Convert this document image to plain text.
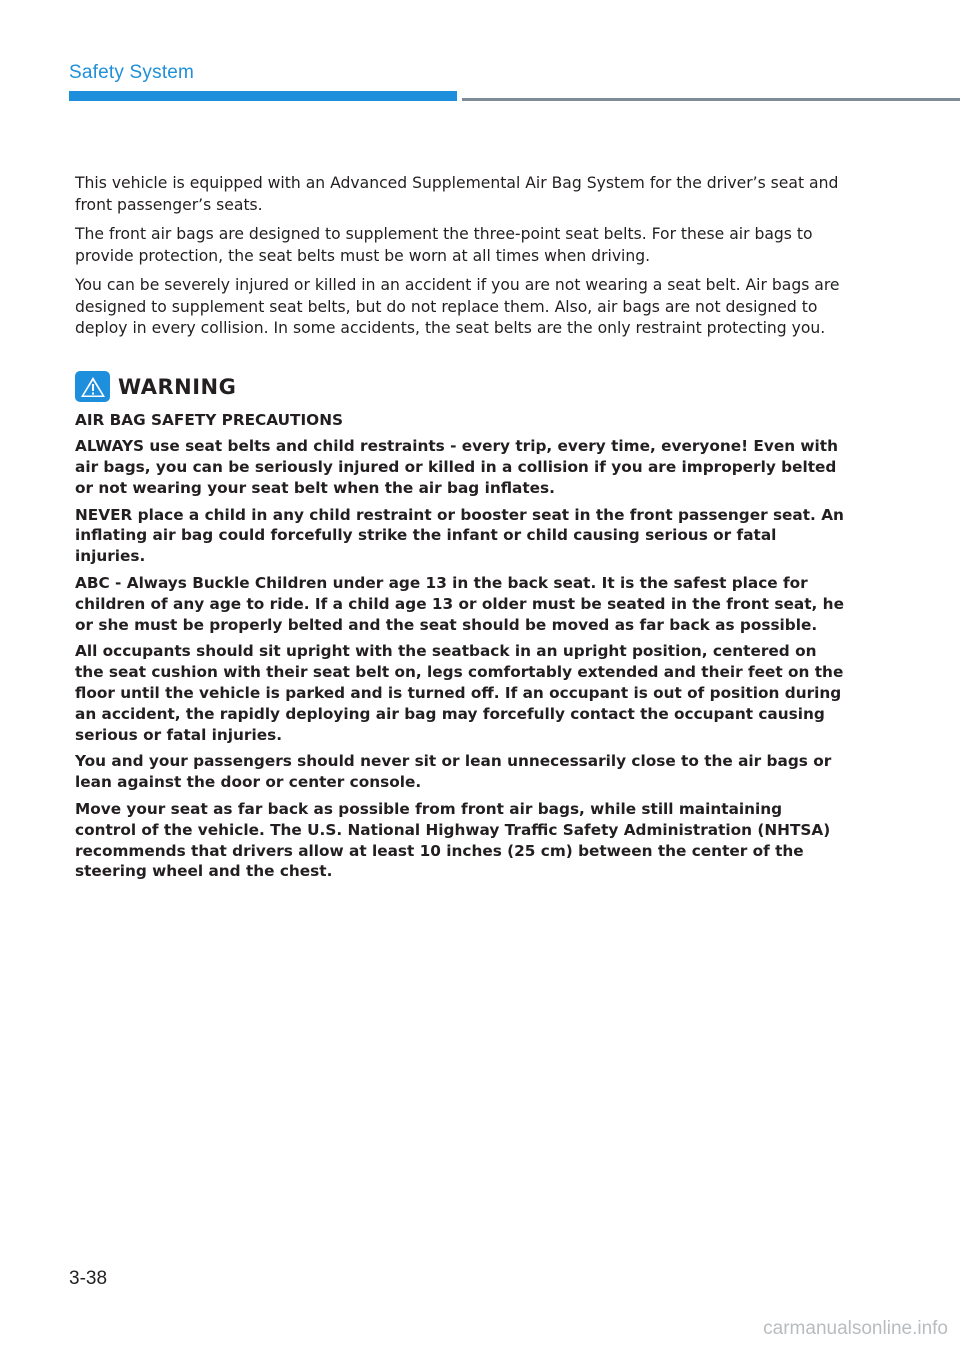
Safety System

This vehicle is equipped with an Advanced Supplemental Air Bag System for the driver’s seat and front passenger’s seats.

The front air bags are designed to supplement the three-point seat belts. For these air bags to provide protection, the seat belts must be worn at all times when driving.

You can be severely injured or killed in an accident if you are not wearing a seat belt. Air bags are designed to supplement seat belts, but do not replace them. Also, air bags are not designed to deploy in every collision. In some accidents, the seat belts are the only restraint protecting you.

WARNING

AIR BAG SAFETY PRECAUTIONS

ALWAYS use seat belts and child restraints - every trip, every time, everyone! Even with air bags, you can be seriously injured or killed in a collision if you are improperly belted or not wearing your seat belt when the air bag inflates.

NEVER place a child in any child restraint or booster seat in the front passenger seat. An inflating air bag could forcefully strike the infant or child causing serious or fatal injuries.

ABC - Always Buckle Children under age 13 in the back seat. It is the safest place for children of any age to ride. If a child age 13 or older must be seated in the front seat, he or she must be properly belted and the seat should be moved as far back as possible.

All occupants should sit upright with the seatback in an upright position, centered on the seat cushion with their seat belt on, legs comfortably extended and their feet on the floor until the vehicle is parked and is turned off. If an occupant is out of position during an accident, the rapidly deploying air bag may forcefully contact the occupant causing serious or fatal injuries.

You and your passengers should never sit or lean unnecessarily close to the air bags or lean against the door or center console.

Move your seat as far back as possible from front air bags, while still maintaining control of the vehicle. The U.S. National Highway Traffic Safety Administration (NHTSA) recommends that drivers allow at least 10 inches (25 cm) between the center of the steering wheel and the chest.

3-38
carmanualsonline.info
